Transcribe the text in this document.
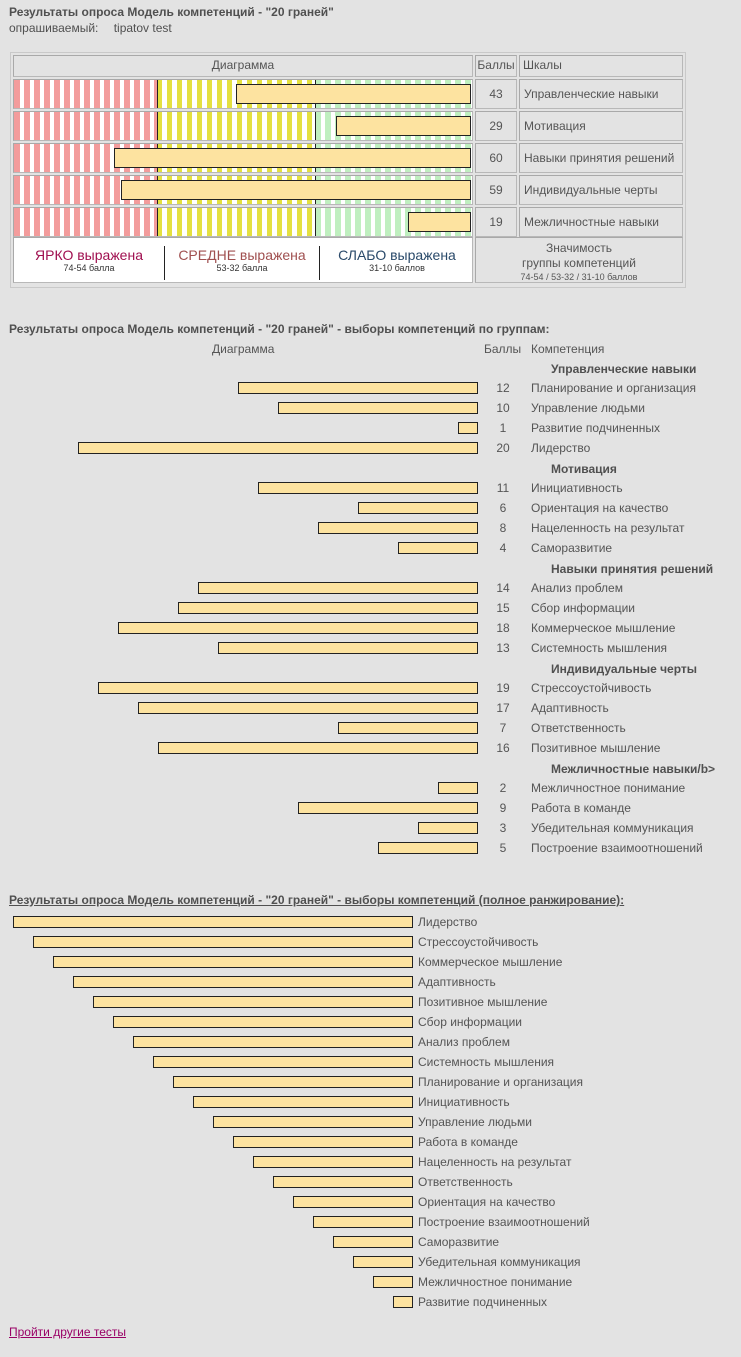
Результаты опроса Модель компетенций - "20 граней"
опрашиваемый: tipatov test
Диаграмма	Баллы Шкалы
43	Управленческие навыки
29	Мотивация
60	Навыки принятия решений
59	Индивидуальные черты
19	Межличностные навыки
ЯРКО выражена
74-54 балла
СРЕДНЕ выражена
53-32 балла
СЛАБО выражена
31-10 баллов
Значимость
группы компетенций
74-54 / 53-32 / 31-10 баллов
Результаты опроса Модель компетенций - "20 граней" - выборы компетенций по группам:
Диаграмма	Баллы Компетенция
Управленческие навыки
12	Планирование и организация
10	Управление людьми
1	Развитие подчиненных
20	Лидерство
Мотивация
11	Инициативность
6	Ориентация на качество
8	Нацеленность на результат
4	Саморазвитие
Навыки принятия решений
14	Анализ проблем
15	Сбор информации
18	Коммерческое мышление
13	Системность мышления
Индивидуальные черты
19	Стрессоустойчивость
17	Адаптивность
7	Ответственность
16	Позитивное мышление
Межличностные навыки/b>
2	Межличностное понимание
9	Работа в команде
3	Убедительная коммуникация
5	Построение взаимоотношений
Результаты опроса Модель компетенций - "20 граней" - выборы компетенций (полное ранжирование):
Лидерство
Стрессоустойчивость
Коммерческое мышление
Адаптивность
Позитивное мышление
Сбор информации
Анализ проблем
Системность мышления
Планирование и организация
Инициативность
Управление людьми
Работа в команде
Нацеленность на результат
Ответственность
Ориентация на качество
Построение взаимоотношений
Саморазвитие
Убедительная коммуникация
Межличностное понимание
Развитие подчиненных
Пройти другие тесты
